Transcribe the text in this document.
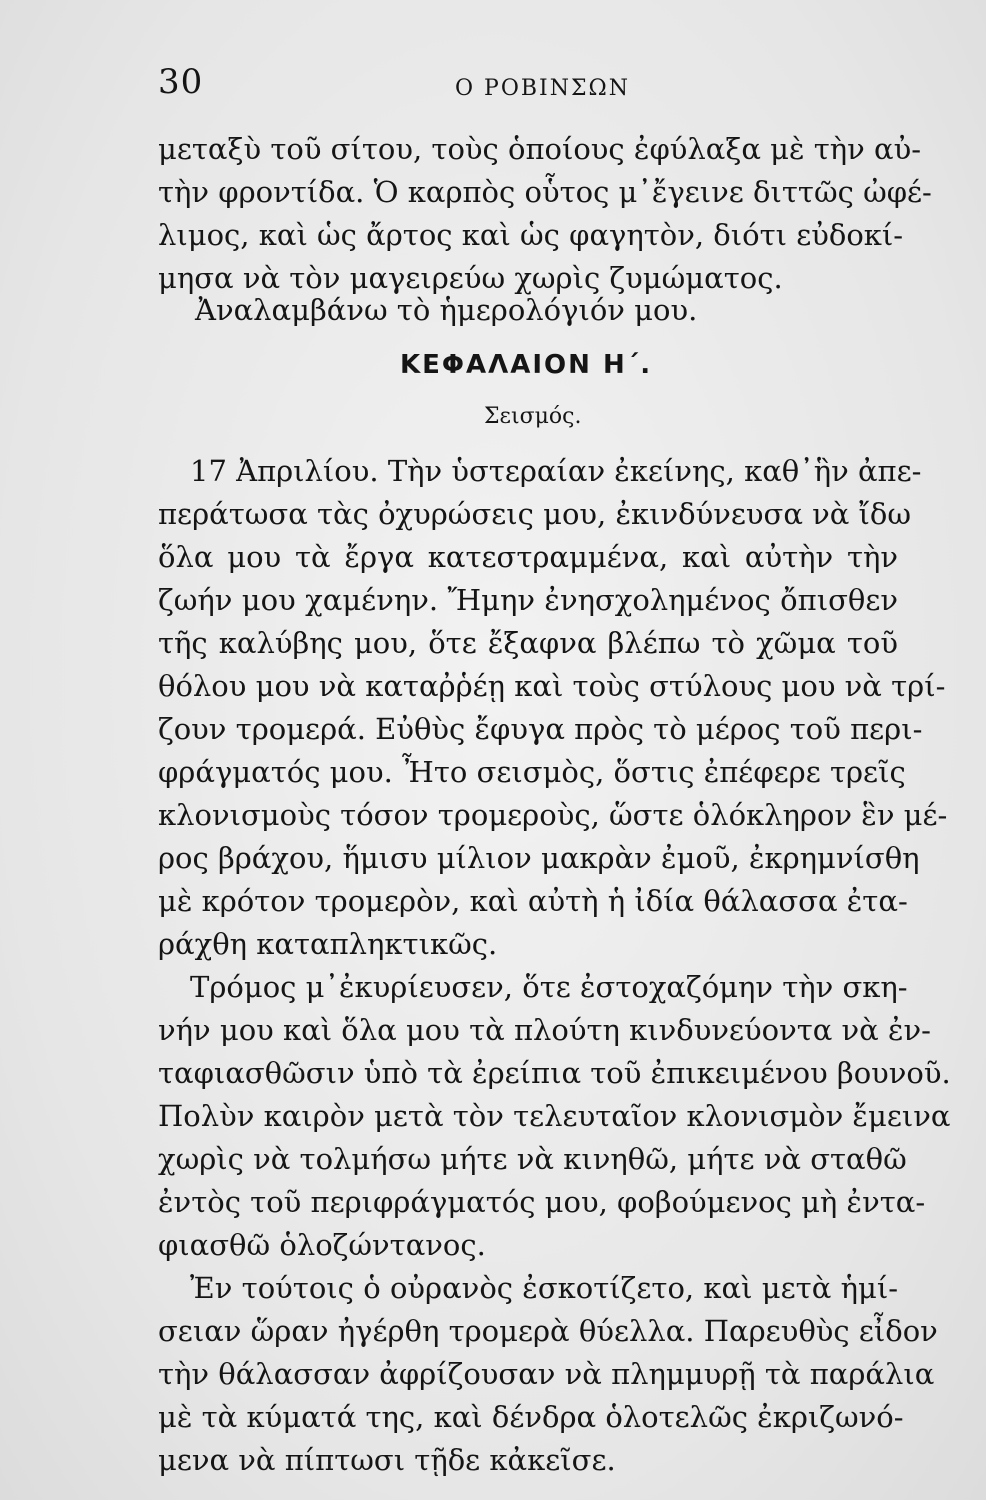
30	Ο ΡΟΒΙΝΣΩΝ
μεταξὺ τοῦ σίτου, τοὺς ὁποίους ἐφύλαξα μὲ τὴν αὐ-
τὴν φροντίδα. Ὁ καρπὸς οὗτος μ᾽ἔγεινε διττῶς ὠφέ-
λιμος, καὶ ὡς ἄρτος καὶ ὡς φαγητὸν, διότι εὐδοκί-
μησα νὰ τὸν μαγειρεύω χωρὶς ζυμώματος.
Ἀναλαμβάνω τὸ ἡμερολόγιόν μου.
ΚΕΦΑΛΑΙΟΝ Η΄.
Σεισμός.
17 Ἀπριλίου. Τὴν ὑστεραίαν ἐκείνης, καθ᾽ἣν ἀπε-
περάτωσα τὰς ὀχυρώσεις μου, ἐκινδύνευσα νὰ ἴδω
ὅλα μου τὰ ἔργα κατεστραμμένα, καὶ αὐτὴν τὴν
ζωήν μου χαμένην. Ἤμην ἐνησχολημένος ὄπισθεν
τῆς καλύβης μου, ὅτε ἔξαφνα βλέπω τὸ χῶμα τοῦ
θόλου μου νὰ καταῤῥέῃ καὶ τοὺς στύλους μου νὰ τρί-
ζουν τρομερά. Εὐθὺς ἔφυγα πρὸς τὸ μέρος τοῦ περι-
φράγματός μου. Ἦτο σεισμὸς, ὅστις ἐπέφερε τρεῖς
κλονισμοὺς τόσον τρομεροὺς, ὥστε ὁλόκληρον ἓν μέ-
ρος βράχου, ἥμισυ μίλιον μακρὰν ἐμοῦ, ἐκρημνίσθη
μὲ κρότον τρομερὸν, καὶ αὐτὴ ἡ ἰδία θάλασσα ἐτα-
ράχθη καταπληκτικῶς.
Τρόμος μ᾽ἐκυρίευσεν, ὅτε ἐστοχαζόμην τὴν σκη-
νήν μου καὶ ὅλα μου τὰ πλούτη κινδυνεύοντα νὰ ἐν-
ταφιασθῶσιν ὑπὸ τὰ ἐρείπια τοῦ ἐπικειμένου βουνοῦ.
Πολὺν καιρὸν μετὰ τὸν τελευταῖον κλονισμὸν ἔμεινα
χωρὶς νὰ τολμήσω μήτε νὰ κινηθῶ, μήτε νὰ σταθῶ
ἐντὸς τοῦ περιφράγματός μου, φοβούμενος μὴ ἐντα-
φιασθῶ ὁλοζώντανος.
Ἐν τούτοις ὁ οὐρανὸς ἐσκοτίζετο, καὶ μετὰ ἡμί-
σειαν ὥραν ἠγέρθη τρομερὰ θύελλα. Παρευθὺς εἶδον
τὴν θάλασσαν ἀφρίζουσαν νὰ πλημμυρῇ τὰ παράλια
μὲ τὰ κύματά της, καὶ δένδρα ὁλοτελῶς ἐκριζωνό-
μενα νὰ πίπτωσι τῇδε κἀκεῖσε.
